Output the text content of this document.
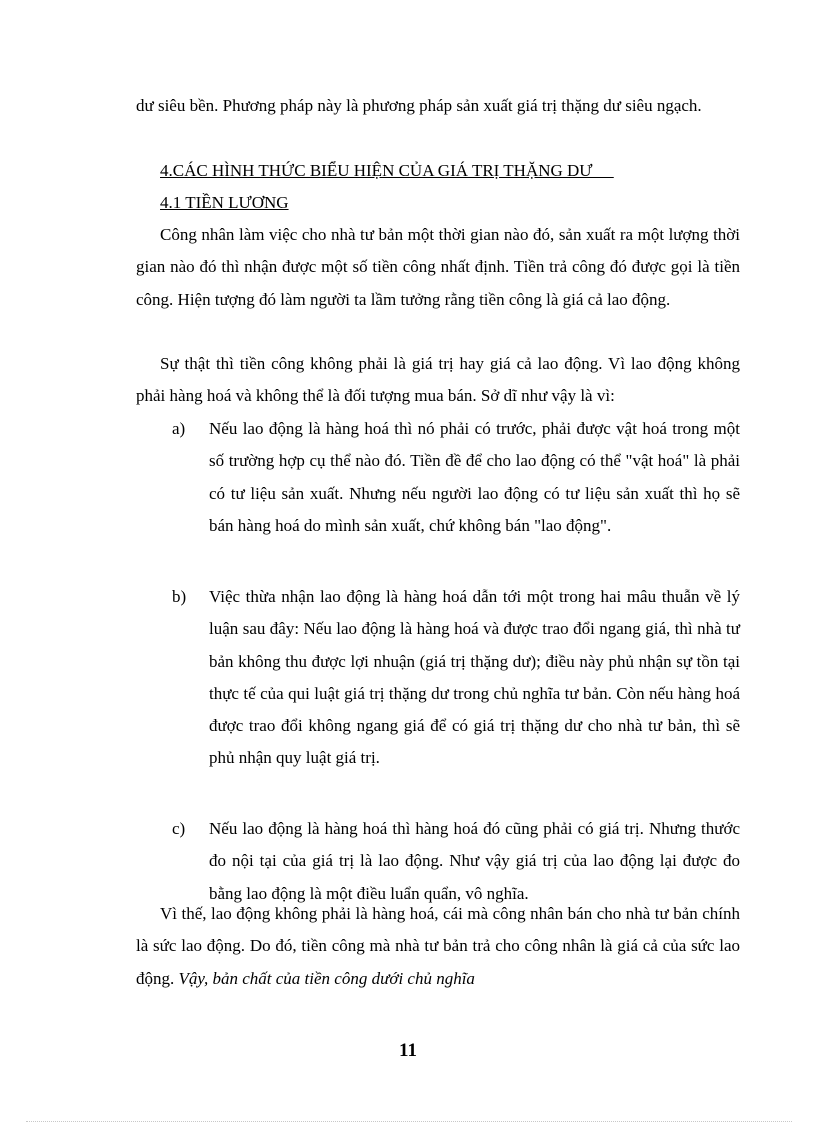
dư siêu bền. Phương pháp này là phương pháp sản xuất giá trị thặng dư siêu ngạch.

4.CÁC HÌNH THỨC BIỂU HIỆN CỦA GIÁ TRỊ THẶNG DƯ
4.1 TIỀN LƯƠNG

Công nhân làm việc cho nhà tư bản một thời gian nào đó, sản xuất ra một lượng thời gian nào đó thì nhận được một số tiền công nhất định. Tiền trả công đó được gọi là tiền công. Hiện tượng đó làm người ta lầm tưởng rằng tiền công là giá cả lao động.

Sự thật thì tiền công không phải là giá trị hay giá cả lao động. Vì lao động không phải hàng hoá và không thể là đối tượng mua bán. Sở dĩ như vậy là vì:

a)	Nếu lao động là hàng hoá thì nó phải có trước, phải được vật hoá trong một số trường hợp cụ thể nào đó. Tiền đề để cho lao động có thể "vật hoá" là phải có tư liệu sản xuất. Nhưng nếu người lao động có tư liệu sản xuất thì họ sẽ bán hàng hoá do mình sản xuất, chứ không bán "lao động".
b)	Việc thừa nhận lao động là hàng hoá dẫn tới một trong hai mâu thuẫn về lý luận sau đây: Nếu lao động là hàng hoá và được trao đổi ngang giá, thì nhà tư bản không thu được lợi nhuận (giá trị thặng dư); điều này phủ nhận sự tồn tại thực tế của qui luật giá trị thặng dư trong chủ nghĩa tư bản. Còn nếu hàng hoá được trao đổi không ngang giá để có giá trị thặng dư cho nhà tư bản, thì sẽ phủ nhận quy luật giá trị.
c)	Nếu lao động là hàng hoá thì hàng hoá đó cũng phải có giá trị. Nhưng thước đo nội tại của giá trị là lao động. Như vậy giá trị của lao động lại được đo bằng lao động là một điều luẩn quẩn, vô nghĩa.

Vì thế, lao động không phải là hàng hoá, cái mà công nhân bán cho nhà tư bản chính là sức lao động. Do đó, tiền công mà nhà tư bản trả cho công nhân là giá cả của sức lao động. Vậy, bản chất của tiền công dưới chủ nghĩa

11
